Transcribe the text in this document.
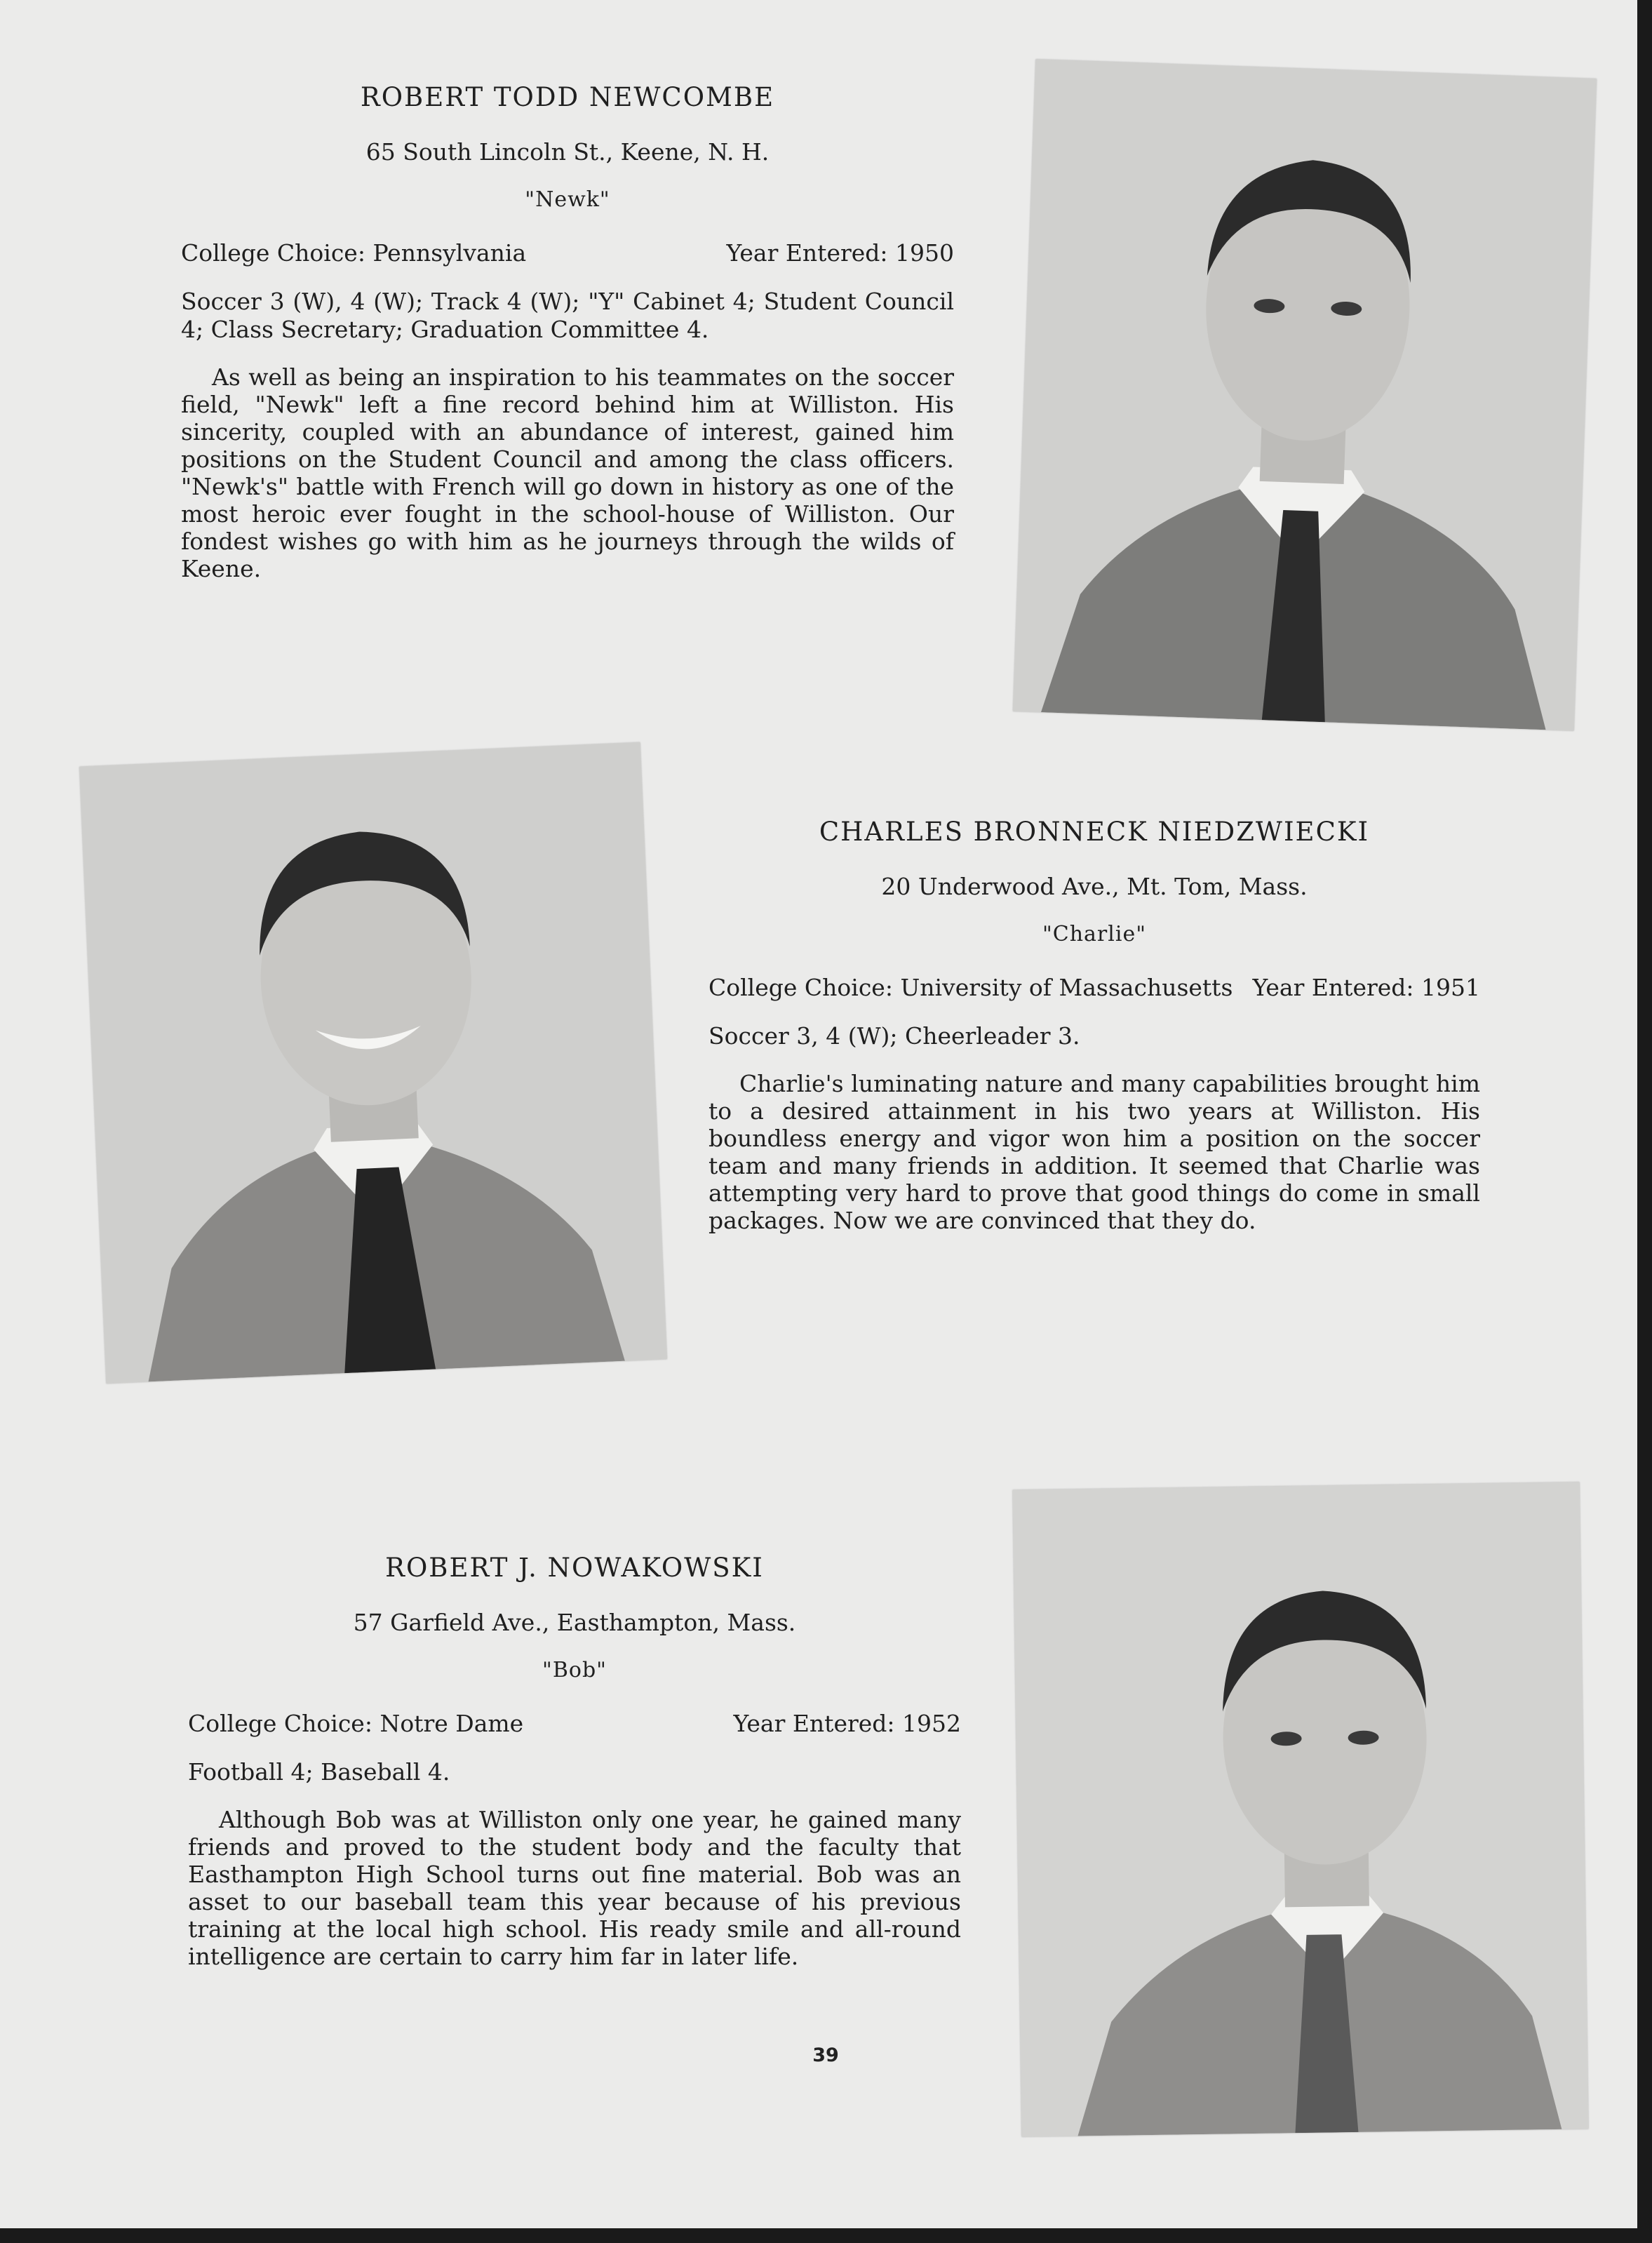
ROBERT TODD NEWCOMBE
65 South Lincoln St., Keene, N. H.
"Newk"
College Choice: Pennsylvania	Year Entered: 1950
Soccer 3 (W), 4 (W); Track 4 (W); "Y" Cabinet 4; Student Council 4; Class Secretary; Graduation Committee 4.
As well as being an inspiration to his teammates on the soccer field, "Newk" left a fine record behind him at Williston. His sincerity, coupled with an abundance of interest, gained him positions on the Student Council and among the class officers. "Newk's" battle with French will go down in history as one of the most heroic ever fought in the school-house of Williston. Our fondest wishes go with him as he journeys through the wilds of Keene.
CHARLES BRONNECK NIEDZWIECKI
20 Underwood Ave., Mt. Tom, Mass.
"Charlie"
College Choice: University of Massachusetts Year Entered: 1951
Soccer 3, 4 (W); Cheerleader 3.
Charlie's luminating nature and many capabilities brought him to a desired attainment in his two years at Williston. His boundless energy and vigor won him a position on the soccer team and many friends in addition. It seemed that Charlie was attempting very hard to prove that good things do come in small packages. Now we are convinced that they do.
ROBERT J. NOWAKOWSKI
57 Garfield Ave., Easthampton, Mass.
"Bob"
College Choice: Notre Dame	Year Entered: 1952
Football 4; Baseball 4.
Although Bob was at Williston only one year, he gained many friends and proved to the student body and the faculty that Easthampton High School turns out fine material. Bob was an asset to our baseball team this year because of his previous training at the local high school. His ready smile and all-round intelligence are certain to carry him far in later life.
39
